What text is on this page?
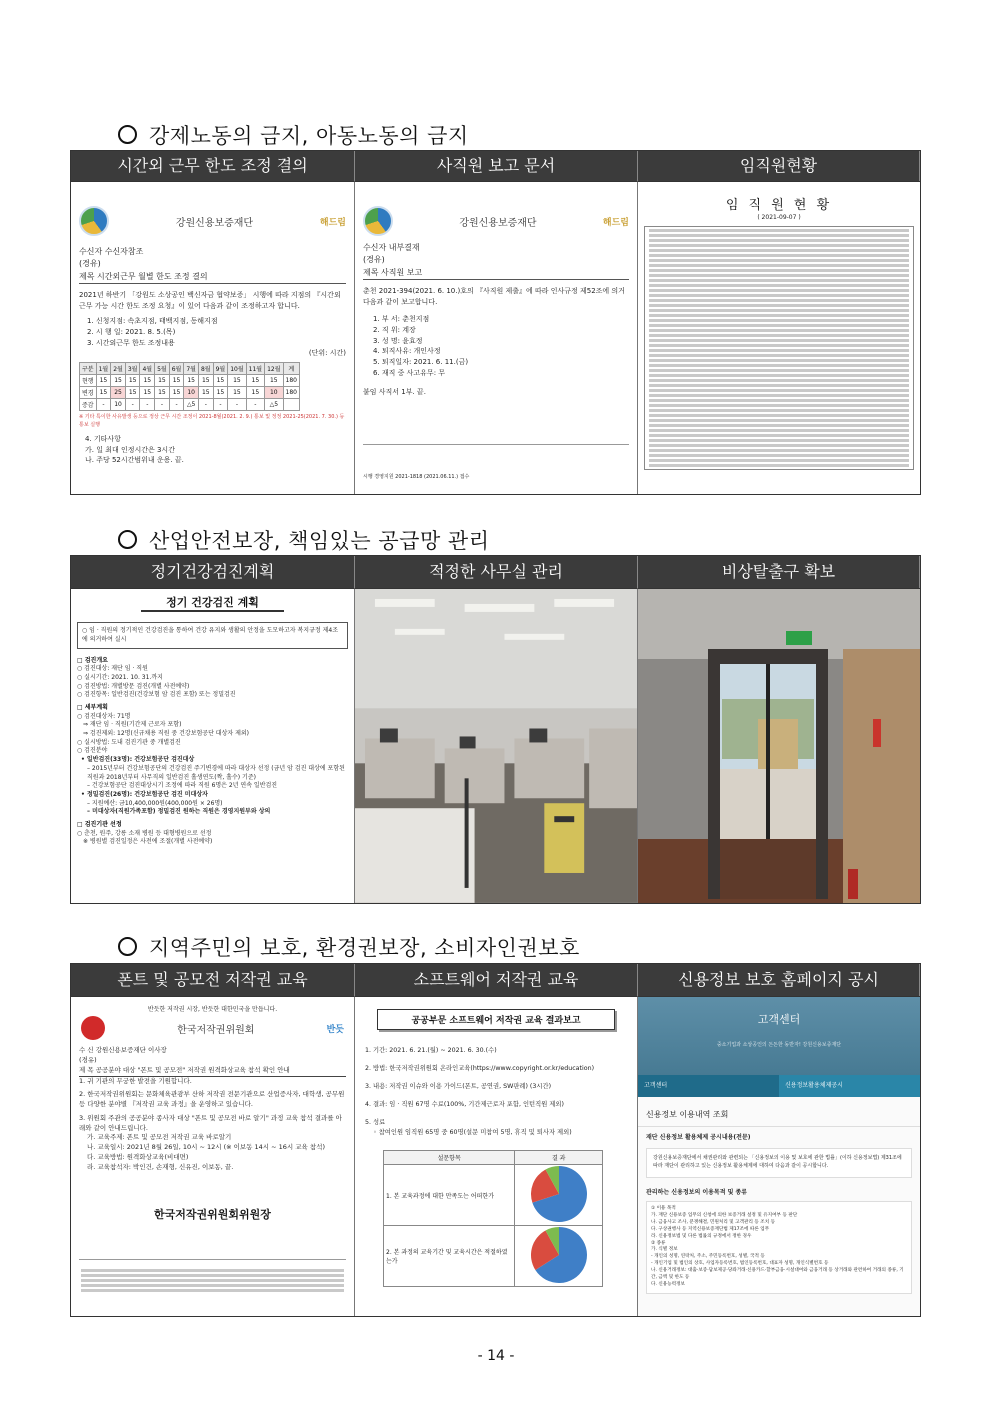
강제노동의 금지, 아동노동의 금지
시간외 근무 한도 조정 결의	사직원 보고 문서	임직원현황
강원신용보증재단	해드림
수신자 수신자참조
(경유)
제목 시간외근무 월별 한도 조정 결의
2021년 하반기 「강원도 소상공인 백신자금 협약보증」 시행에 따라 지점의 『시간외 근무 가능 시간 한도 조정 요청』이 있어 다음과 같이 조정하고자 합니다.
1. 신청지점: 속초지점, 태백지점, 동해지점
2. 시 행 일: 2021. 8. 5.(목)
3. 시간외근무 한도 조정내용
(단위: 시간)
구분	1월	2월	3월	4월	5월	6월	7월	8월	9월	10월	11월	12월	계
현행	15	15	15	15	15	15	15	15	15	15	15	15	180
변경	15	25	15	15	15	15	10	15	15	15	15	10	180
증감	-	10	-	-	-	-	△5	-	-	-	-	△5	
※ 기타 특이한 사유발생 등으로 정상 근무 시간 조정이 2021-8월(2021. 2. 9.) 통보 및 정정 2021-25(2021. 7. 30.) 등 통보 실행
4. 기타사항
가. 일 최대 인정시간은 3시간
나. 주당 52시간범위내 운용. 끝.
강원신용보증재단	해드림
수신자 내부결재
(경유)
제목 사직원 보고
춘천 2021-394(2021. 6. 10.)호의 『사직원 제출』에 따라 인사규정 제52조에 의거 다음과 같이 보고합니다.
1. 부 서: 춘천지점
2. 직 위: 계장
3. 성 명: 윤효정
4. 퇴직사유: 개인사정
5. 퇴직일자: 2021. 6. 11.(금)
6. 재직 중 사고유무: 무
붙임 사직서 1부. 끝.
시행 경영지원 2021-1818 (2021.06.11.) 접수
임 직 원 현 황
( 2021-09-07 )
산업안전보장, 책임있는 공급망 관리
정기건강검진계획	적정한 사무실 관리	비상탈출구 확보
정기 건강검진 계획
○ 임 · 직원의 정기적인 건강검진을 통하여 건강 유지와 생활의 안정을 도모하고자 복지규정 제4조에 의거하여 실시
□ 검진개요
○ 검진대상: 재단 임 · 직원
○ 실시기간: 2021. 10. 31.까지
○ 검진방법: 개별방문 검진(개별 사전예약)
○ 검진항목: 일반검진(건강보험 암 검진 포함) 또는 정밀검진
□ 세부계획
○ 검진대상자: 71명
⇒ 재단 임 · 직원(기간제 근로자 포함)
⇒ 검진제외: 12명(신규채용 직원 중 건강보험공단 대상자 제외)
○ 실시방법: 도내 검진기관 중 개별검진
○ 검진분야
• 일반검진(33명): 건강보험공단 검진대상
– 2015년부터 건강보험공단의 건강검진 주기변경에 따라 대상자 선정 (금년 암 검진 대상에 포함된 직원과 2018년부터 사무직의 일반검진 홀생연도(짝, 홀수) 기준)
– 건강보험공단 검진대상시기 조정에 따라 직원 6명은 2년 연속 일반검진
• 정밀검진(26명): 건강보험공단 검진 미대상자
– 지원예산: 금10,400,000원(400,000원 × 26명)
– 미대상자(직원가족포함) 정밀검진 원하는 직원은 경영지원부와 상의
□ 검진기관 선정
○ 춘천, 원주, 강릉 소재 병원 등 대형병원으로 선정
※ 병원별 검진일정은 사전에 조절(개별 사전예약)
지역주민의 보호, 환경권보장, 소비자인권보호
폰트 및 공모전 저작권 교육	소프트웨어 저작권 교육	신용정보 보호 홈페이지 공시
반듯한 저작권 시장, 반듯한 대한민국을 만듭니다.
한국저작권위원회	반듯
수 신 강원신용보증재단 이사장
(경유)
제 목 공공분야 대상 "폰트 및 공모전" 저작권 원격화상교육 참석 확인 안내
1. 귀 기관의 무궁한 발전을 기원합니다.
2. 한국저작권위원회는 문화체육관광부 산하 저작권 전문기관으로 산업증사자, 대학생, 공무원 등 다양한 분야별 『저작권 교육 과정』을 운영하고 있습니다.
3. 위원회 주관의 공공분야 종사자 대상 "폰트 및 공모전 바로 알기" 과정 교육 참석 결과를 아래와 같이 안내드립니다.
가. 교육주제: 폰트 및 공모전 저작권 교육 바로알기
나. 교육일시: 2021년 8월 26일, 10시 ~ 12시 (※ 이보동 14시 ~ 16시 교육 참석)
다. 교육방법: 원격화상교육(비대면)
라. 교육참석자: 박인건, 손재형, 신유진, 이보동, 끝.
한국저작권위원회위원장
공공부문 소프트웨어 저작권 교육 결과보고
1. 기간: 2021. 6. 21.(월) ~ 2021. 6. 30.(수)
2. 방법: 한국저작권위원회 온라인교육(https://www.copyright.or.kr/education)
3. 내용: 저작권 이슈와 이용 가이드(폰트, 공연권, SW판례) (3시간)
4. 결과: 임 · 직원 67명 수료(100%, 기간제근로자 포함, 인턴직원 제외)
5. 성료
◦ 참여인원 임직원 65명 중 60명(설문 미참여 5명, 휴직 및 퇴사자 제외)
설문항목	결 과
1. 본 교육과정에 대한 만족도는 어떠한가	
2. 본 과정의 교육기간 및 교육시간은 적절하였는가	
고객센터
중소기업과 소상공인의 든든한 동반자! 강원신용보증재단
고객센터	신용정보활용체제공시
신용정보 이용내역 조회
재단 신용정보 활용체제 공시내용(전문)
강원신용보증재단에서 채권관리와 관련되는 「신용정보의 이용 및 보호에 관한 법률」(이하 신용정보법) 제31조에 따라 재단이 관리하고 있는 신용정보 활용체제에 대하여 다음과 같이 공시합니다.
관리하는 신용정보의 이용목적 및 종류
① 이용 목적
가. 재단 신용보증 업무의 신청에 의한 보증거래 설정 및 유지여부 등 판단
나. 금융사고 조사, 분쟁해결, 민원처리 및 고객관리 등 조치 등
다. 구상권행사 등 지역신용보증재단법 제17조에 따른 업무
라. 신용정보법 및 다른 법률의 규정에서 정한 경우
② 종류
가. 식별 정보
- 개인의 성명, 연락처, 주소, 주민등록번호, 성별, 국적 등
- 개인기업 및 법인의 상호, 사업자등록번호, 법인등록번호, 대표자 성명, 개인식별번호 등
나. 신용거래정보: 대출·보증·담보제공·당좌거래·신용카드·할부금융·시설대여와 금융거래 등 상거래와 관련하여 거래의 종류, 기간, 금액 및 한도 등
다. 신용능력정보
- 14 -
